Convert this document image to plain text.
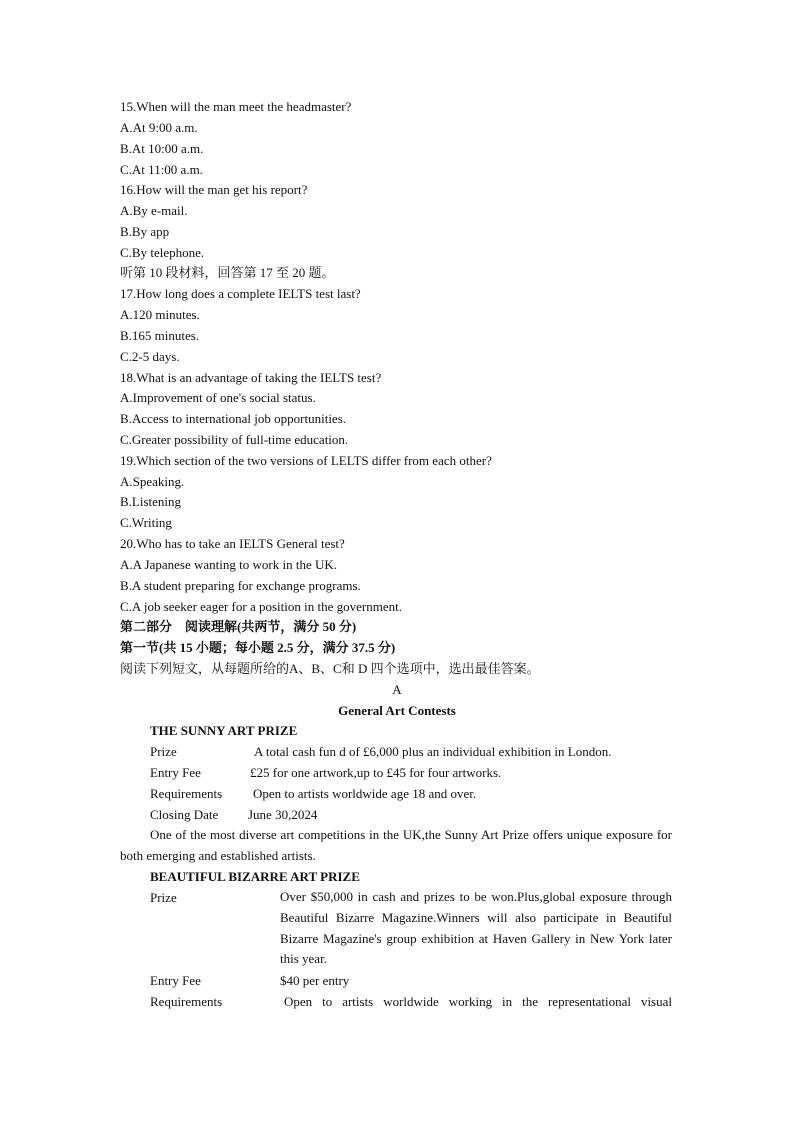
15.When will the man meet the headmaster?
A.At 9:00 a.m.
B.At 10:00 a.m.
C.At 11:00 a.m.
16.How will the man get his report?
A.By e-mail.
B.By app
C.By telephone.
听第 10 段材料，回答第 17 至 20 题。
17.How long does a complete IELTS test last?
A.120 minutes.
B.165 minutes.
C.2-5 days.
18.What is an advantage of taking the IELTS test?
A.Improvement of one's social status.
B.Access to international job opportunities.
C.Greater possibility of full-time education.
19.Which section of the two versions of LELTS differ from each other?
A.Speaking.
B.Listening
C.Writing
20.Who has to take an IELTS General test?
A.A Japanese wanting to work in the UK.
B.A student preparing for exchange programs.
C.A job seeker eager for a position in the government.
第二部分　阅读理解(共两节，满分 50 分)
第一节(共 15 小题；每小题 2.5 分，满分 37.5 分)
阅读下列短文，从每题所给的A、B、C和 D 四个选项中，选出最佳答案。
A
General Art Contests
THE SUNNY ART PRIZE
Prize	A total cash fun d of £6,000 plus an individual exhibition in London.
Entry Fee	£25 for one artwork,up to £45 for four artworks.
Requirements Open to artists worldwide age 18 and over.
Closing Date June 30,2024
One of the most diverse art competitions in the UK,the Sunny Art Prize offers unique exposure for both emerging and established artists.
BEAUTIFUL BIZARRE ART PRIZE
Prize	Over $50,000 in cash and prizes to be won.Plus,global exposure through Beautiful Bizarre Magazine.Winners will also participate in Beautiful Bizarre Magazine's group exhibition at Haven Gallery in New York later this year.
Entry Fee	$40 per entry
Requirements	Open to artists worldwide working in the representational visual
